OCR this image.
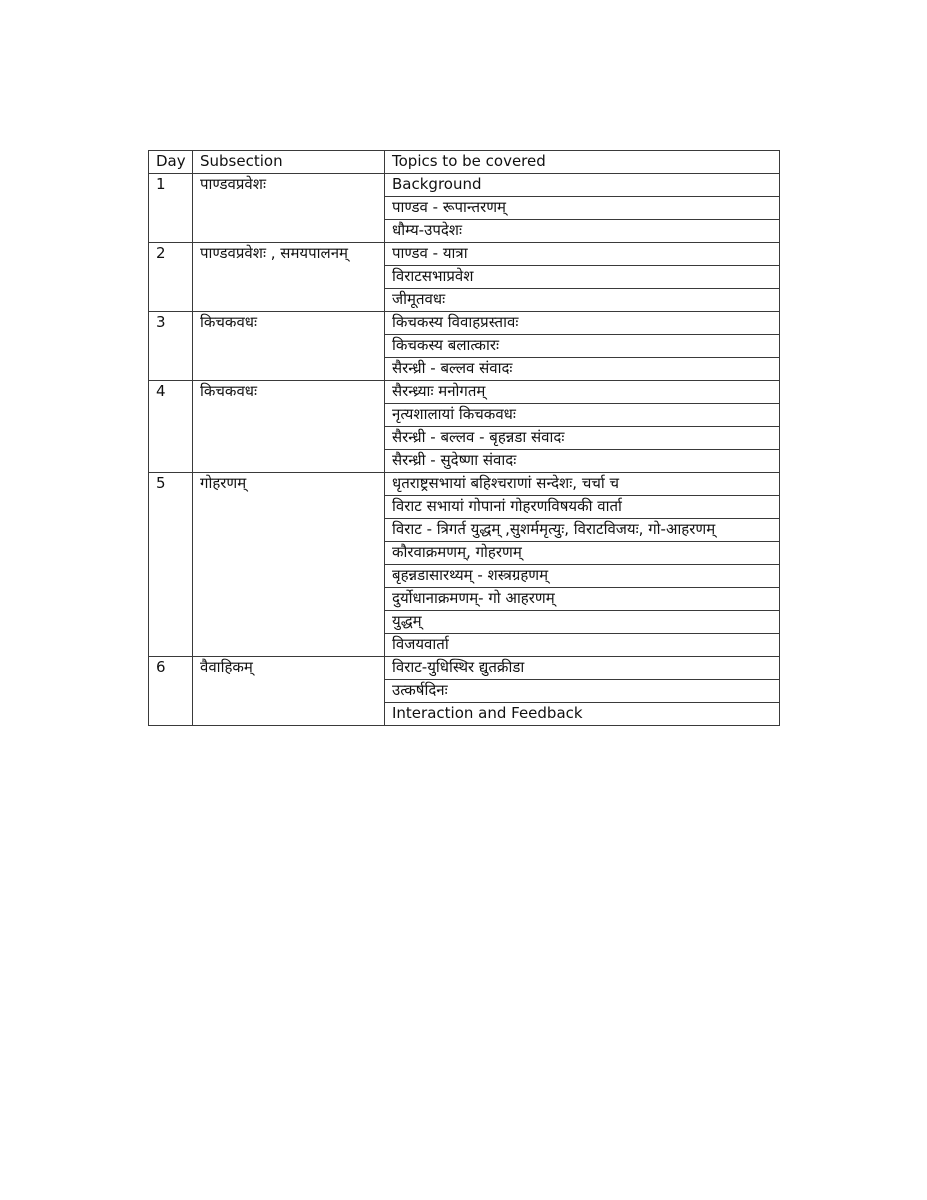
Day	Subsection	Topics to be covered
1	पाण्डवप्रवेशः	Background
		पाण्डव - रूपान्तरणम्
		धौम्य-उपदेशः
2	पाण्डवप्रवेशः , समयपालनम्	पाण्डव - यात्रा
		विराटसभाप्रवेश
		जीमूतवधः
3	किचकवधः	किचकस्य विवाहप्रस्तावः
		किचकस्य बलात्कारः
		सैरन्ध्री - बल्लव संवादः
4	किचकवधः	सैरन्ध्र्याः मनोगतम्
		नृत्यशालायां किचकवधः
		सैरन्ध्री - बल्लव - बृहन्नडा संवादः
		सैरन्ध्री - सुदेष्णा संवादः
5	गोहरणम्	धृतराष्ट्रसभायां बहिश्चराणां सन्देशः, चर्चा च
		विराट सभायां गोपानां गोहरणविषयकी वार्ता
		विराट - त्रिगर्त युद्धम् ,सुशर्ममृत्युः, विराटविजयः, गो-आहरणम्
		कौरवाक्रमणम्, गोहरणम्
		बृहन्नडासारथ्यम् - शस्त्रग्रहणम्
		दुर्योधानाक्रमणम्- गो आहरणम्
		युद्धम्
		विजयवार्ता
6	वैवाहिकम्	विराट-युधिस्थिर द्युतक्रीडा
		उत्कर्षदिनः
		Interaction and Feedback
